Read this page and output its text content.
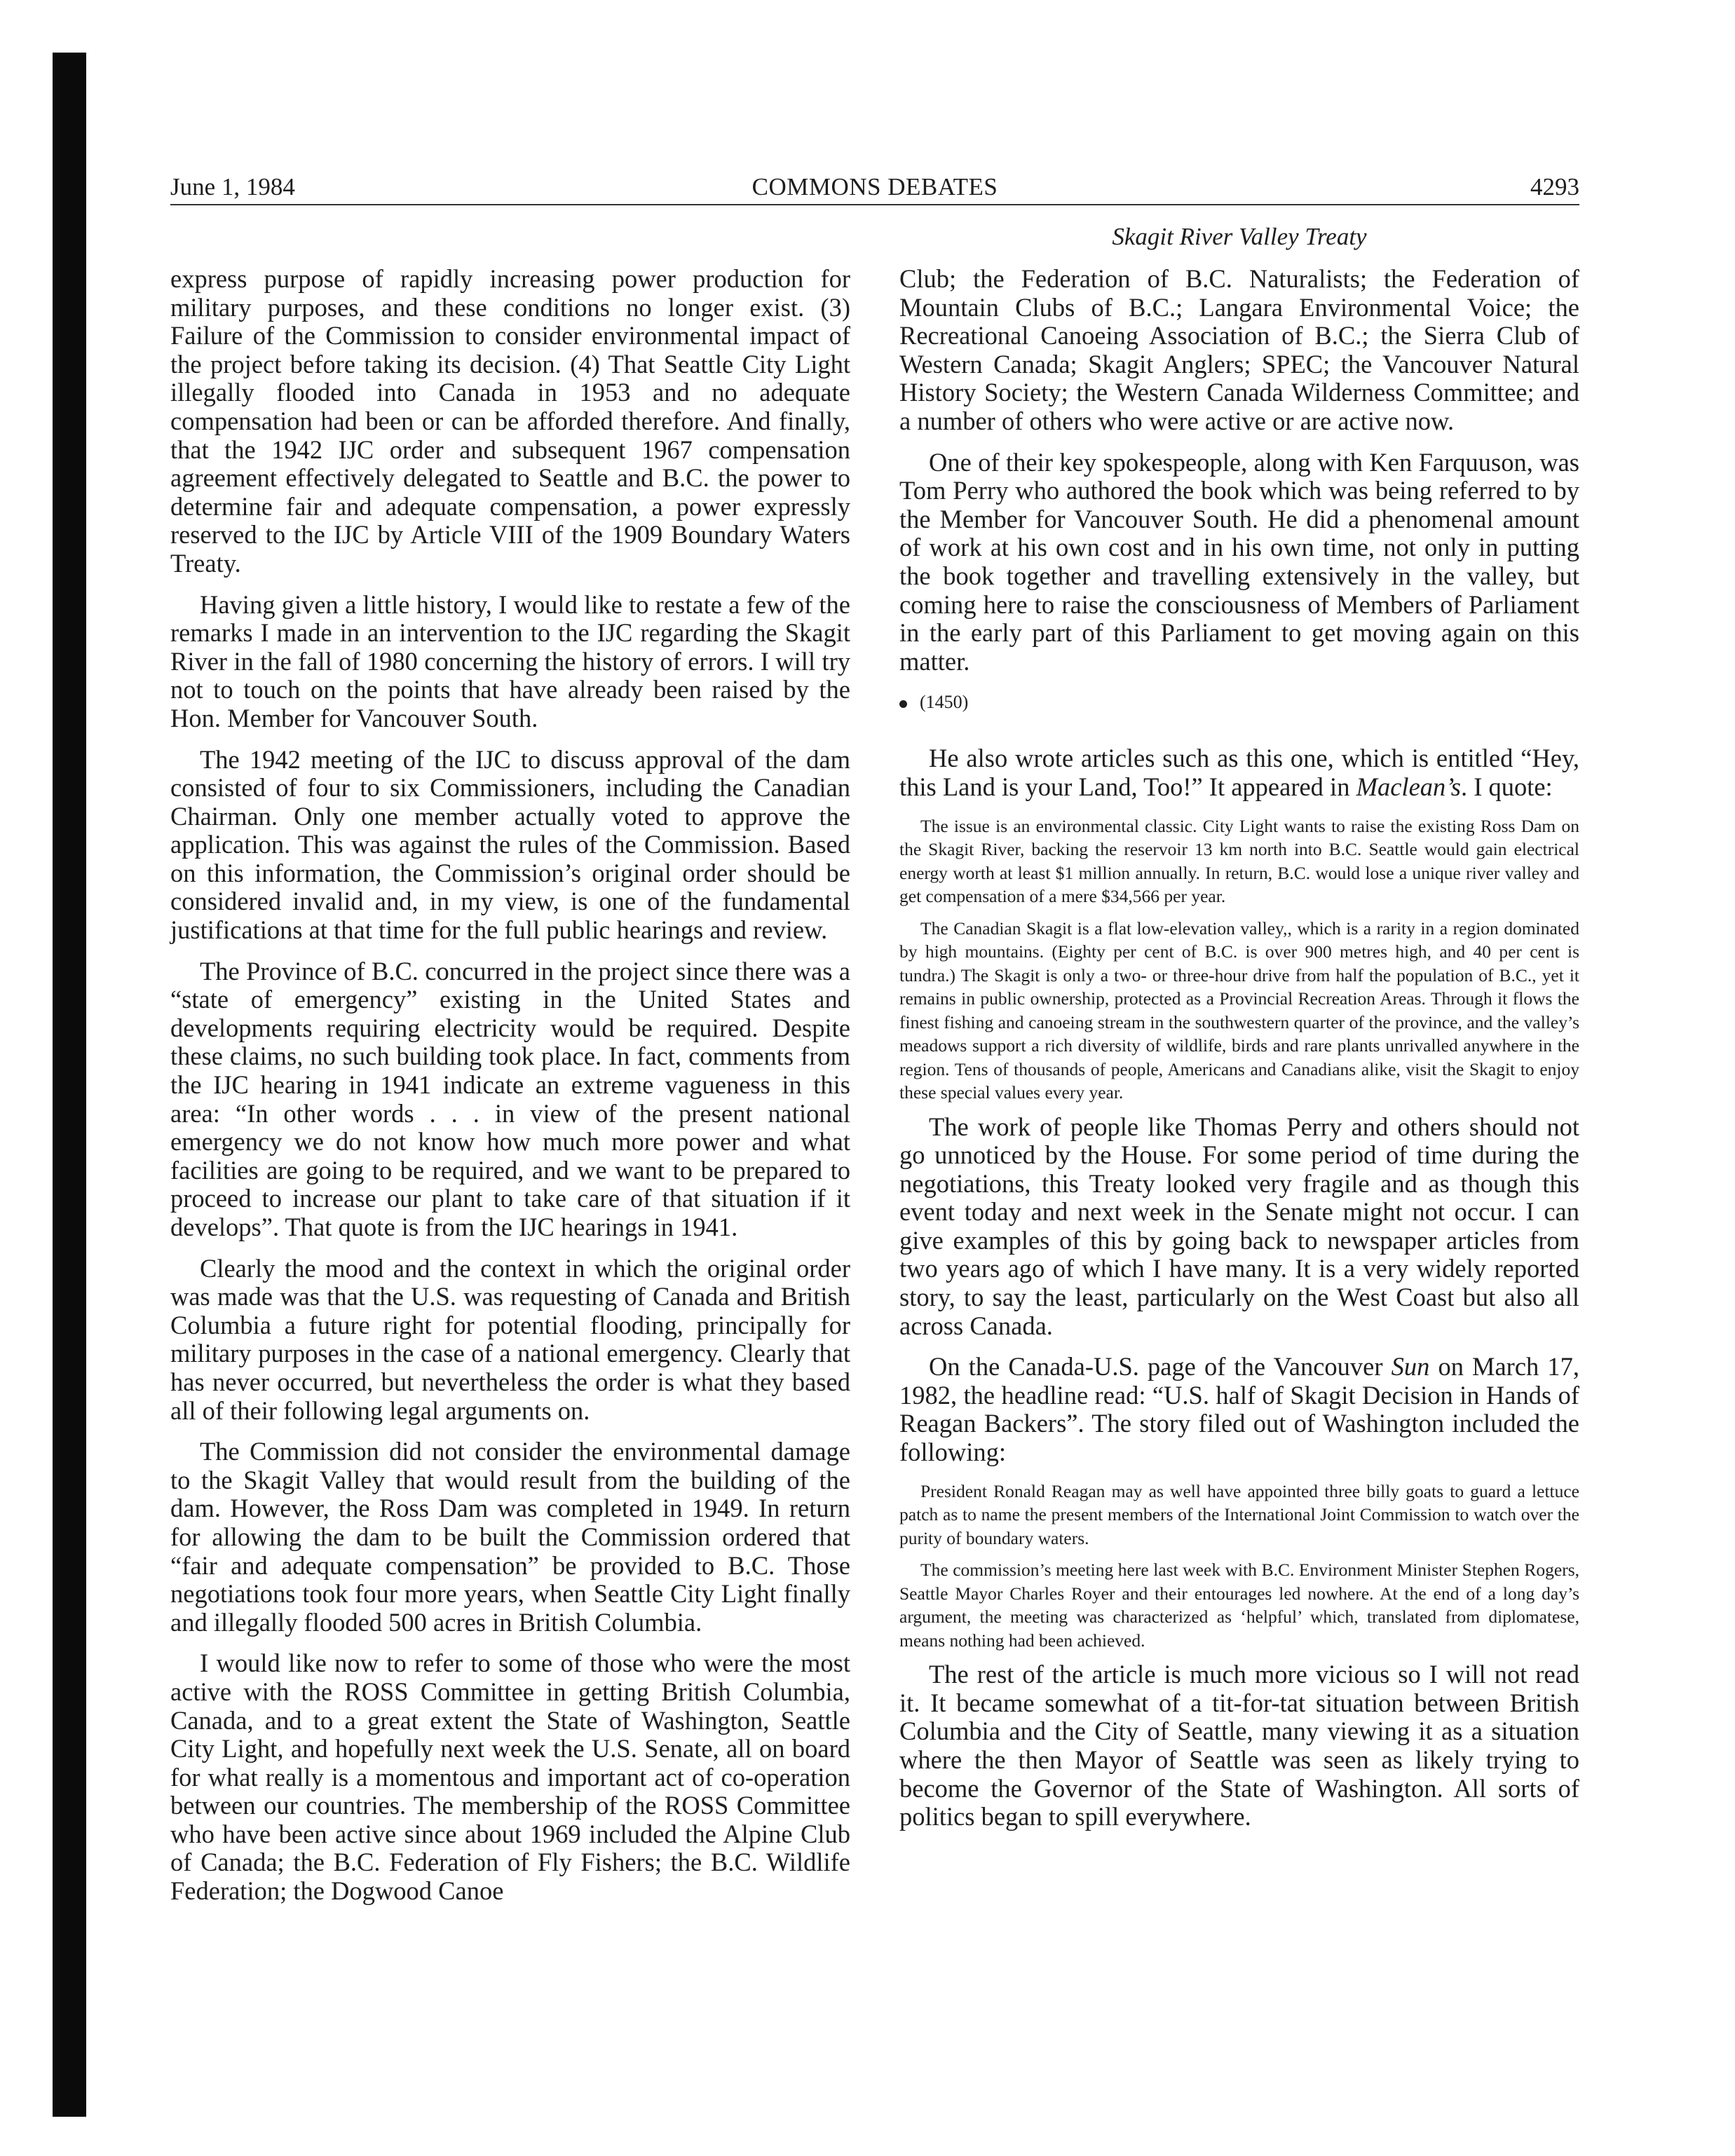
COMMONS DEBATES
June 1, 1984	4293
Skagit River Valley Treaty

express purpose of rapidly increasing power production for military purposes, and these conditions no longer exist. (3) Failure of the Commission to consider environmental impact of the project before taking its decision. (4) That Seattle City Light illegally flooded into Canada in 1953 and no adequate compensation had been or can be afforded therefore. And finally, that the 1942 IJC order and subsequent 1967 compensation agreement effectively delegated to Seattle and B.C. the power to determine fair and adequate compensation, a power expressly reserved to the IJC by Article VIII of the 1909 Boundary Waters Treaty.

Having given a little history, I would like to restate a few of the remarks I made in an intervention to the IJC regarding the Skagit River in the fall of 1980 concerning the history of errors. I will try not to touch on the points that have already been raised by the Hon. Member for Vancouver South.

The 1942 meeting of the IJC to discuss approval of the dam consisted of four to six Commissioners, including the Canadian Chairman. Only one member actually voted to approve the application. This was against the rules of the Commission. Based on this information, the Commission’s original order should be considered invalid and, in my view, is one of the fundamental justifications at that time for the full public hearings and review.

The Province of B.C. concurred in the project since there was a “state of emergency” existing in the United States and developments requiring electricity would be required. Despite these claims, no such building took place. In fact, comments from the IJC hearing in 1941 indicate an extreme vagueness in this area: “In other words . . . in view of the present national emergency we do not know how much more power and what facilities are going to be required, and we want to be prepared to proceed to increase our plant to take care of that situation if it develops”. That quote is from the IJC hearings in 1941.

Clearly the mood and the context in which the original order was made was that the U.S. was requesting of Canada and British Columbia a future right for potential flooding, principally for military purposes in the case of a national emergency. Clearly that has never occurred, but nevertheless the order is what they based all of their following legal arguments on.

The Commission did not consider the environmental damage to the Skagit Valley that would result from the building of the dam. However, the Ross Dam was completed in 1949. In return for allowing the dam to be built the Commission ordered that “fair and adequate compensation” be provided to B.C. Those negotiations took four more years, when Seattle City Light finally and illegally flooded 500 acres in British Columbia.

I would like now to refer to some of those who were the most active with the ROSS Committee in getting British Columbia, Canada, and to a great extent the State of Washington, Seattle City Light, and hopefully next week the U.S. Senate, all on board for what really is a momentous and important act of co-operation between our countries. The membership of the ROSS Committee who have been active since about 1969 included the Alpine Club of Canada; the B.C. Federation of Fly Fishers; the B.C. Wildlife Federation; the Dogwood Canoe

Club; the Federation of B.C. Naturalists; the Federation of Mountain Clubs of B.C.; Langara Environmental Voice; the Recreational Canoeing Association of B.C.; the Sierra Club of Western Canada; Skagit Anglers; SPEC; the Vancouver Natural History Society; the Western Canada Wilderness Committee; and a number of others who were active or are active now.

One of their key spokespeople, along with Ken Farquuson, was Tom Perry who authored the book which was being referred to by the Member for Vancouver South. He did a phenomenal amount of work at his own cost and in his own time, not only in putting the book together and travelling extensively in the valley, but coming here to raise the consciousness of Members of Parliament in the early part of this Parliament to get moving again on this matter.

(1450)

He also wrote articles such as this one, which is entitled “Hey, this Land is your Land, Too!” It appeared in Maclean’s. I quote:

The issue is an environmental classic. City Light wants to raise the existing Ross Dam on the Skagit River, backing the reservoir 13 km north into B.C. Seattle would gain electrical energy worth at least $1 million annually. In return, B.C. would lose a unique river valley and get compensation of a mere $34,566 per year.

The Canadian Skagit is a flat low-elevation valley,, which is a rarity in a region dominated by high mountains. (Eighty per cent of B.C. is over 900 metres high, and 40 per cent is tundra.) The Skagit is only a two- or three-hour drive from half the population of B.C., yet it remains in public ownership, protected as a Provincial Recreation Areas. Through it flows the finest fishing and canoeing stream in the southwestern quarter of the province, and the valley’s meadows support a rich diversity of wildlife, birds and rare plants unrivalled anywhere in the region. Tens of thousands of people, Americans and Canadians alike, visit the Skagit to enjoy these special values every year.

The work of people like Thomas Perry and others should not go unnoticed by the House. For some period of time during the negotiations, this Treaty looked very fragile and as though this event today and next week in the Senate might not occur. I can give examples of this by going back to newspaper articles from two years ago of which I have many. It is a very widely reported story, to say the least, particularly on the West Coast but also all across Canada.

On the Canada-U.S. page of the Vancouver Sun on March 17, 1982, the headline read: “U.S. half of Skagit Decision in Hands of Reagan Backers”. The story filed out of Washington included the following:

President Ronald Reagan may as well have appointed three billy goats to guard a lettuce patch as to name the present members of the International Joint Commission to watch over the purity of boundary waters.

The commission’s meeting here last week with B.C. Environment Minister Stephen Rogers, Seattle Mayor Charles Royer and their entourages led nowhere. At the end of a long day’s argument, the meeting was characterized as ‘helpful’ which, translated from diplomatese, means nothing had been achieved.

The rest of the article is much more vicious so I will not read it. It became somewhat of a tit-for-tat situation between British Columbia and the City of Seattle, many viewing it as a situation where the then Mayor of Seattle was seen as likely trying to become the Governor of the State of Washington. All sorts of politics began to spill everywhere.
